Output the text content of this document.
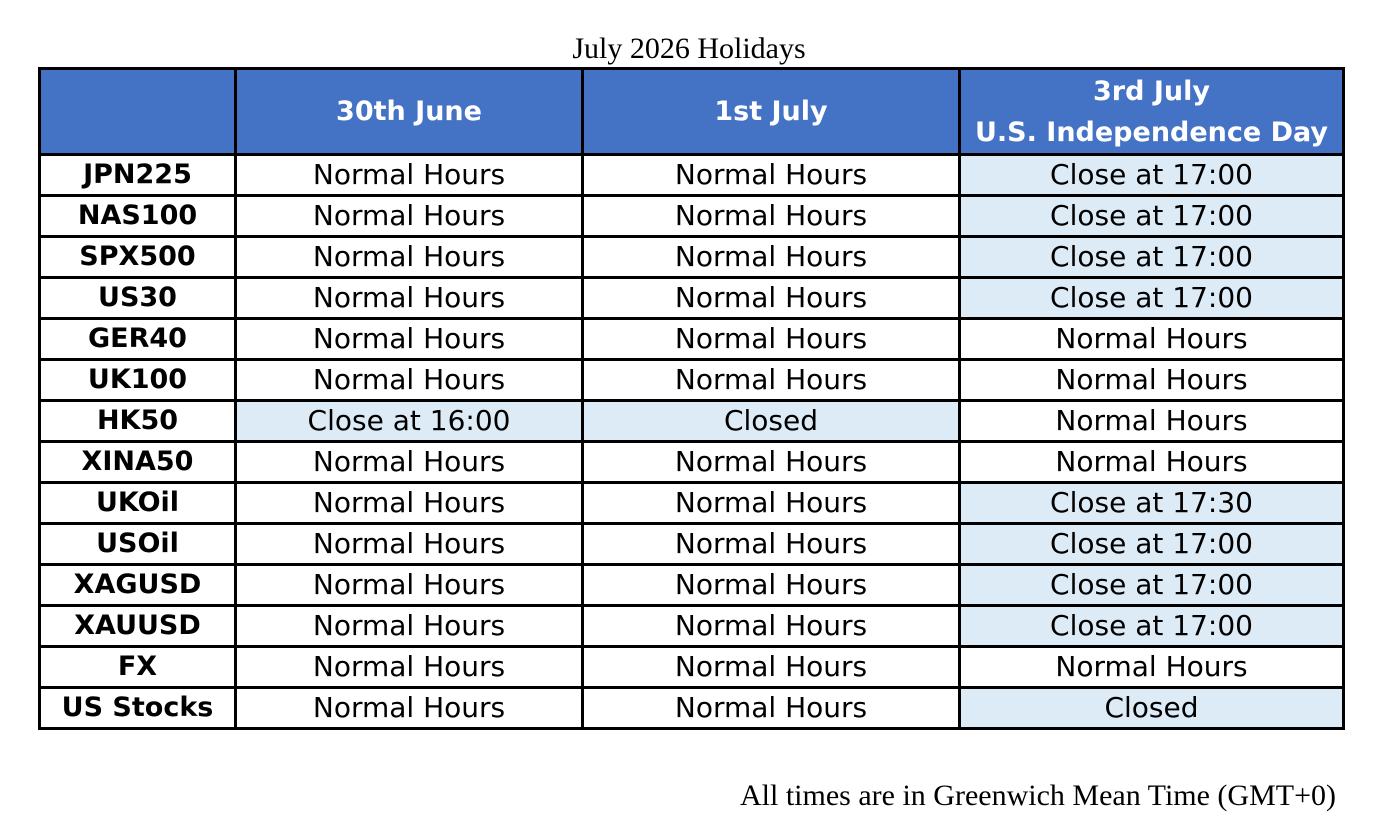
July 2026 Holidays
	30th June	1st July	3rd July
U.S. Independence Day

JPN225	Normal Hours	Normal Hours	Close at 17:00
NAS100	Normal Hours	Normal Hours	Close at 17:00
SPX500	Normal Hours	Normal Hours	Close at 17:00
US30	Normal Hours	Normal Hours	Close at 17:00
GER40	Normal Hours	Normal Hours	Normal Hours
UK100	Normal Hours	Normal Hours	Normal Hours
HK50	Close at 16:00	Closed	Normal Hours
XINA50	Normal Hours	Normal Hours	Normal Hours
UKOil	Normal Hours	Normal Hours	Close at 17:30
USOil	Normal Hours	Normal Hours	Close at 17:00
XAGUSD	Normal Hours	Normal Hours	Close at 17:00
XAUUSD	Normal Hours	Normal Hours	Close at 17:00
FX	Normal Hours	Normal Hours	Normal Hours
US Stocks	Normal Hours	Normal Hours	Closed
All times are in Greenwich Mean Time (GMT+0)
